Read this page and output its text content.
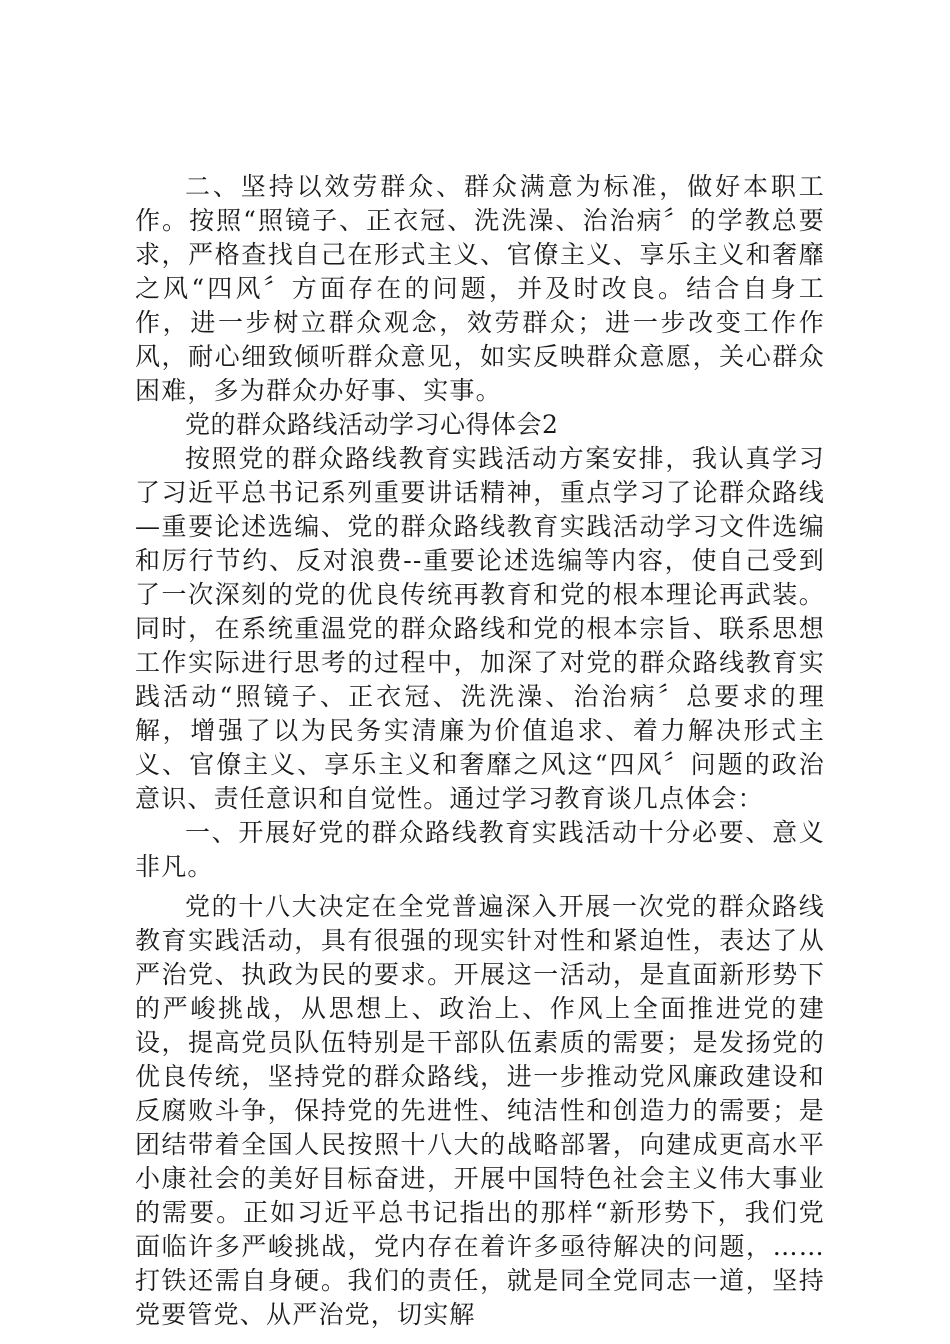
二、坚持以效劳群众、群众满意为标准，做好本职工作。按照“照镜子、正衣冠、洗洗澡、治治病〞的学教总要求，严格查找自己在形式主义、官僚主义、享乐主义和奢靡之风“四风〞方面存在的问题，并及时改良。结合自身工作，进一步树立群众观念，效劳群众；进一步改变工作作风，耐心细致倾听群众意见，如实反映群众意愿，关心群众困难，多为群众办好事、实事。

党的群众路线活动学习心得体会2

按照党的群众路线教育实践活动方案安排，我认真学习了习近平总书记系列重要讲话精神，重点学习了论群众路线—重要论述选编、党的群众路线教育实践活动学习文件选编和厉行节约、反对浪费--重要论述选编等内容，使自己受到了一次深刻的党的优良传统再教育和党的根本理论再武装。同时，在系统重温党的群众路线和党的根本宗旨、联系思想工作实际进行思考的过程中，加深了对党的群众路线教育实践活动“照镜子、正衣冠、洗洗澡、治治病〞总要求的理解，增强了以为民务实清廉为价值追求、着力解决形式主义、官僚主义、享乐主义和奢靡之风这“四风〞问题的政治意识、责任意识和自觉性。通过学习教育谈几点体会：

一、开展好党的群众路线教育实践活动十分必要、意义非凡。

党的十八大决定在全党普遍深入开展一次党的群众路线教育实践活动，具有很强的现实针对性和紧迫性，表达了从严治党、执政为民的要求。开展这一活动，是直面新形势下的严峻挑战，从思想上、政治上、作风上全面推进党的建设，提高党员队伍特别是干部队伍素质的需要；是发扬党的优良传统，坚持党的群众路线，进一步推动党风廉政建设和反腐败斗争，保持党的先进性、纯洁性和创造力的需要；是团结带着全国人民按照十八大的战略部署，向建成更高水平小康社会的美好目标奋进，开展中国特色社会主义伟大事业的需要。正如习近平总书记指出的那样“新形势下，我们党面临许多严峻挑战，党内存在着许多亟待解决的问题，……打铁还需自身硬。我们的责任，就是同全党同志一道，坚持党要管党、从严治党，切实解
